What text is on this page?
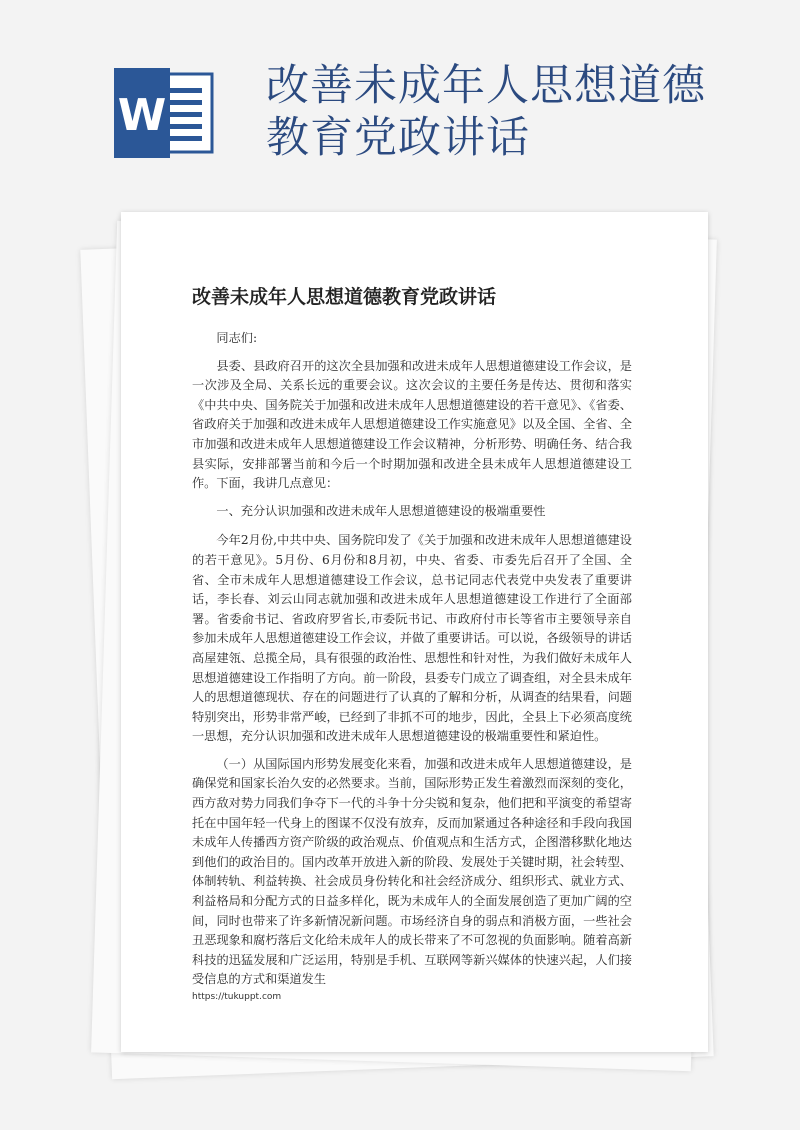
W
改善未成年人思想道德
教育党政讲话
改善未成年人思想道德教育党政讲话

同志们:

县委、县政府召开的这次全县加强和改进未成年人思想道德建设工作会议，是一次涉及全局、关系长远的重要会议。这次会议的主要任务是传达、贯彻和落实《中共中央、国务院关于加强和改进未成年人思想道德建设的若干意见》、《省委、省政府关于加强和改进未成年人思想道德建设工作实施意见》以及全国、全省、全市加强和改进未成年人思想道德建设工作会议精神，分析形势、明确任务、结合我县实际，安排部署当前和今后一个时期加强和改进全县未成年人思想道德建设工作。下面，我讲几点意见：

一、充分认识加强和改进未成年人思想道德建设的极端重要性

今年2月份,中共中央、国务院印发了《关于加强和改进未成年人思想道德建设的若干意见》。5月份、6月份和8月初，中央、省委、市委先后召开了全国、全省、全市未成年人思想道德建设工作会议，总书记同志代表党中央发表了重要讲话，李长春、刘云山同志就加强和改进未成年人思想道德建设工作进行了全面部署。省委俞书记、省政府罗省长,市委阮书记、市政府付市长等省市主要领导亲自参加未成年人思想道德建设工作会议，并做了重要讲话。可以说，各级领导的讲话高屋建瓴、总揽全局，具有很强的政治性、思想性和针对性，为我们做好未成年人思想道德建设工作指明了方向。前一阶段，县委专门成立了调查组，对全县未成年人的思想道德现状、存在的问题进行了认真的了解和分析，从调查的结果看，问题特别突出，形势非常严峻，已经到了非抓不可的地步，因此，全县上下必须高度统一思想，充分认识加强和改进未成年人思想道德建设的极端重要性和紧迫性。

（一）从国际国内形势发展变化来看，加强和改进未成年人思想道德建设，是确保党和国家长治久安的必然要求。当前，国际形势正发生着激烈而深刻的变化，西方敌对势力同我们争夺下一代的斗争十分尖锐和复杂，他们把和平演变的希望寄托在中国年轻一代身上的图谋不仅没有放弃，反而加紧通过各种途径和手段向我国未成年人传播西方资产阶级的政治观点、价值观点和生活方式，企图潜移默化地达到他们的政治目的。国内改革开放进入新的阶段、发展处于关键时期，社会转型、体制转轨、利益转换、社会成员身份转化和社会经济成分、组织形式、就业方式、利益格局和分配方式的日益多样化，既为未成年人的全面发展创造了更加广阔的空间，同时也带来了许多新情况新问题。市场经济自身的弱点和消极方面，一些社会丑恶现象和腐朽落后文化给未成年人的成长带来了不可忽视的负面影响。随着高新科技的迅猛发展和广泛运用，特别是手机、互联网等新兴媒体的快速兴起，人们接受信息的方式和渠道发生

https://tukuppt.com
